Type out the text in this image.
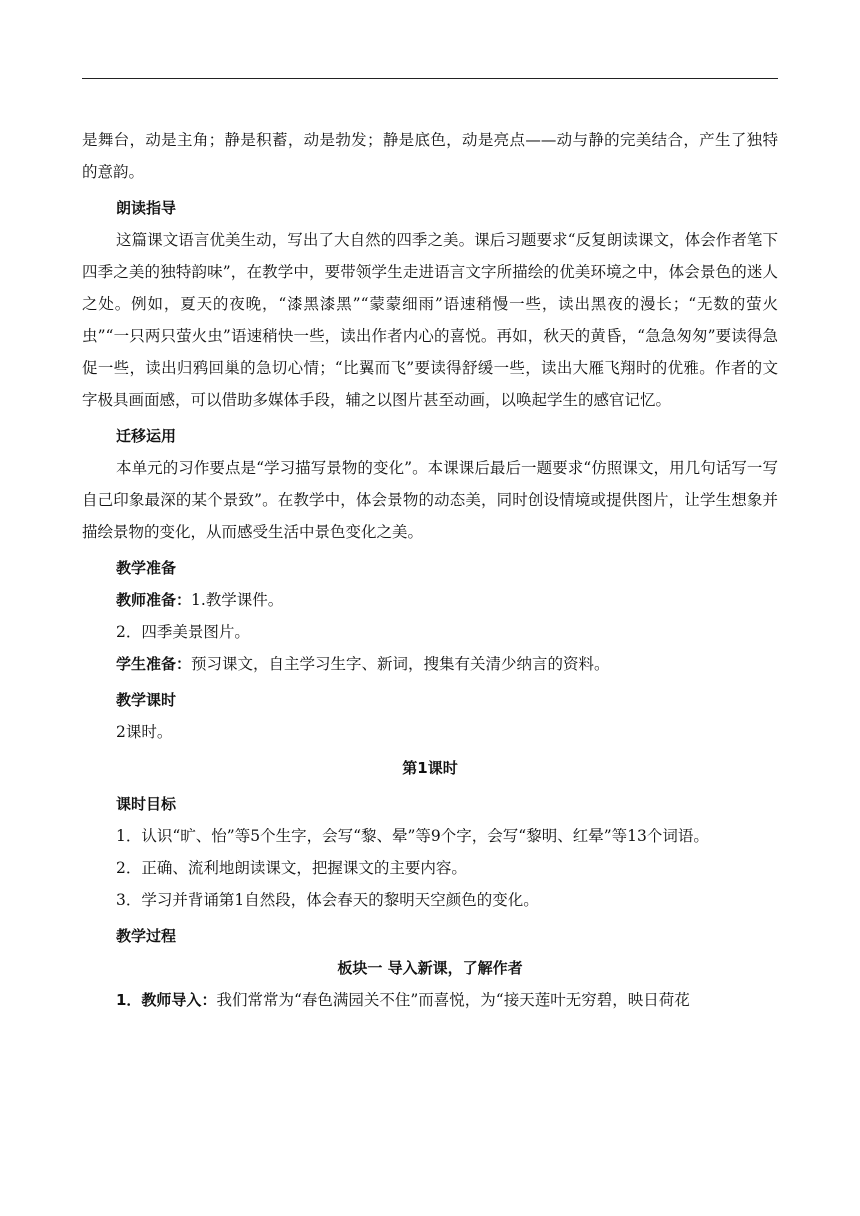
是舞台，动是主角；静是积蓄，动是勃发；静是底色，动是亮点——动与静的完美结合，产生了独特的意韵。

朗读指导

这篇课文语言优美生动，写出了大自然的四季之美。课后习题要求“反复朗读课文，体会作者笔下四季之美的独特韵味”，在教学中，要带领学生走进语言文字所描绘的优美环境之中，体会景色的迷人之处。例如，夏天的夜晚，“漆黑漆黑”“蒙蒙细雨”语速稍慢一些，读出黑夜的漫长；“无数的萤火虫”“一只两只萤火虫”语速稍快一些，读出作者内心的喜悦。再如，秋天的黄昏，“急急匆匆”要读得急促一些，读出归鸦回巢的急切心情；“比翼而飞”要读得舒缓一些，读出大雁飞翔时的优雅。作者的文字极具画面感，可以借助多媒体手段，辅之以图片甚至动画，以唤起学生的感官记忆。

迁移运用

本单元的习作要点是“学习描写景物的变化”。本课课后最后一题要求“仿照课文，用几句话写一写自己印象最深的某个景致”。在教学中，体会景物的动态美，同时创设情境或提供图片，让学生想象并描绘景物的变化，从而感受生活中景色变化之美。

教学准备

教师准备：1.教学课件。

2．四季美景图片。

学生准备：预习课文，自主学习生字、新词，搜集有关清少纳言的资料。

教学课时

2课时。

第1课时

课时目标

1．认识“旷、怡”等5个生字，会写“黎、晕”等9个字，会写“黎明、红晕”等13个词语。

2．正确、流利地朗读课文，把握课文的主要内容。

3．学习并背诵第1自然段，体会春天的黎明天空颜色的变化。

教学过程

板块一 导入新课，了解作者

1．教师导入：我们常常为“春色满园关不住”而喜悦，为“接天莲叶无穷碧，映日荷花
